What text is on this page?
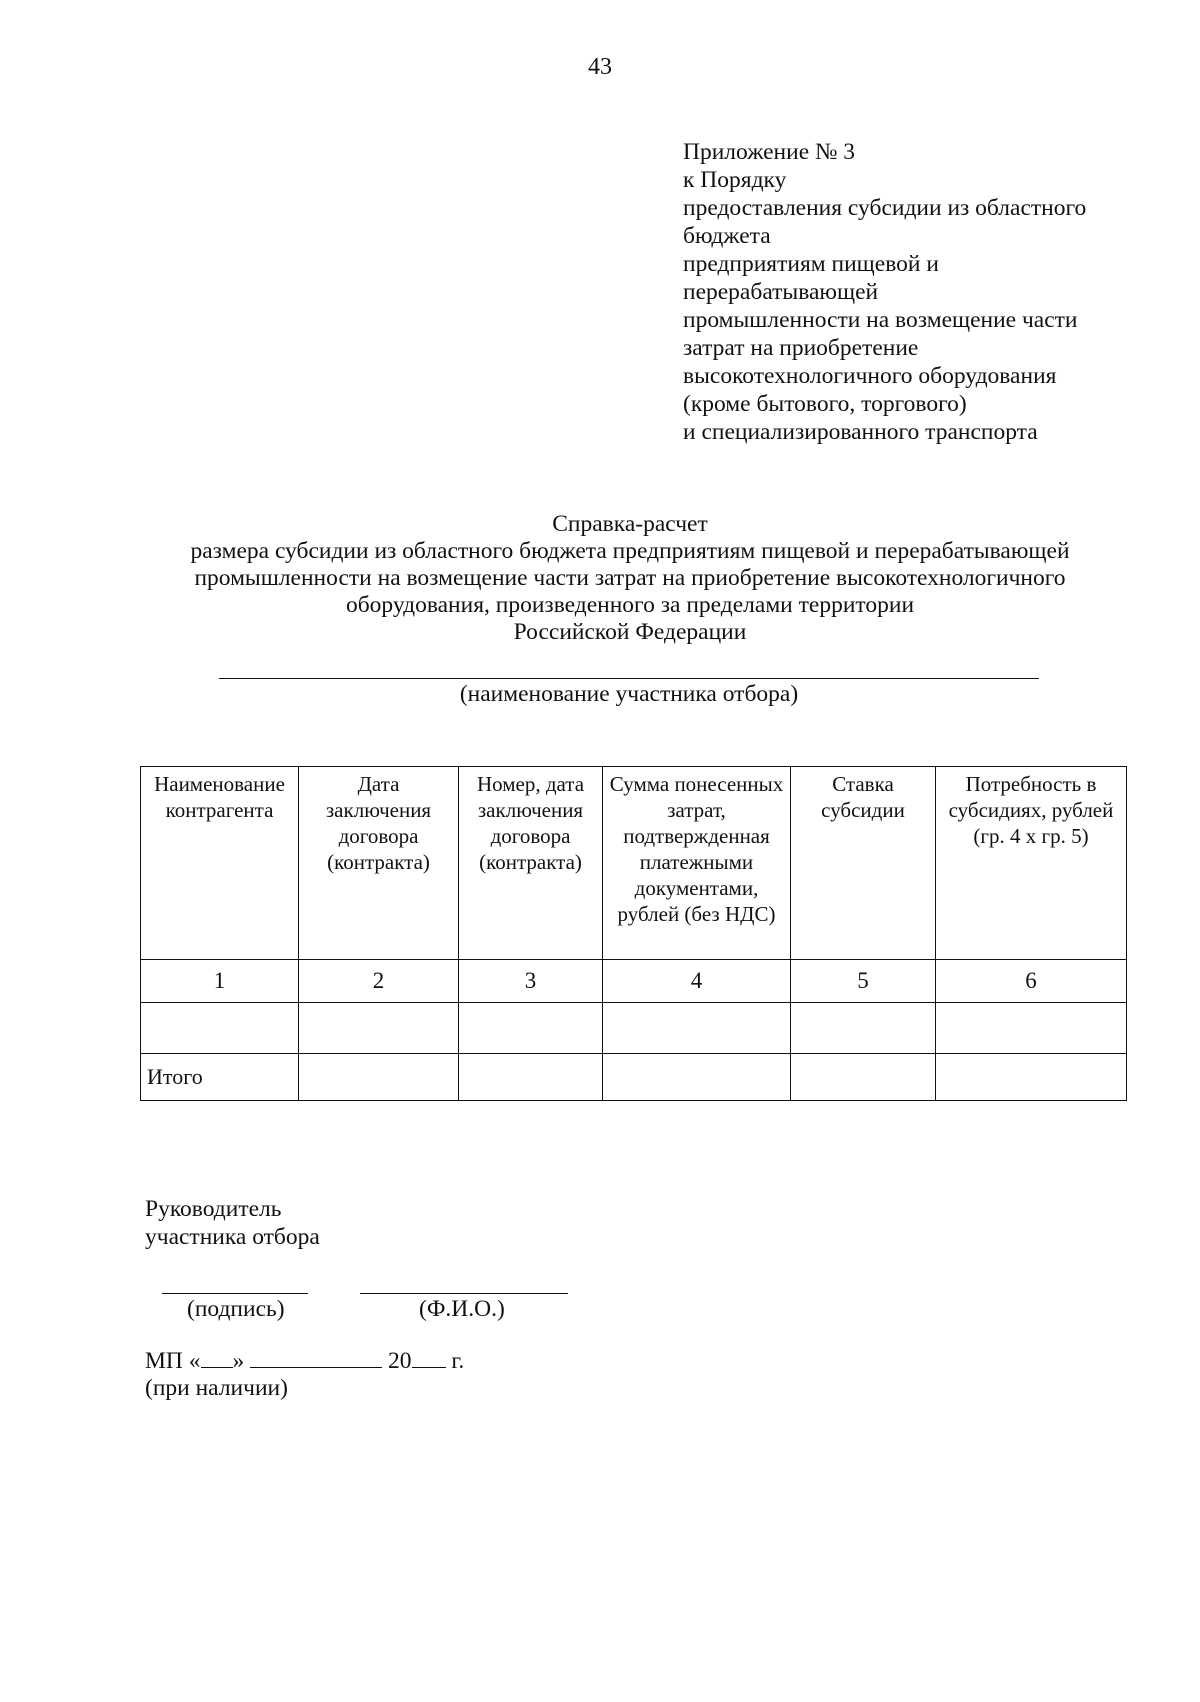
43
Приложение № 3
к Порядку
предоставления субсидии из областного
бюджета
предприятиям пищевой и
перерабатывающей
промышленности на возмещение части
затрат на приобретение
высокотехнологичного оборудования
(кроме бытового, торгового)
и специализированного транспорта
Справка-расчет
размера субсидии из областного бюджета предприятиям пищевой и перерабатывающей
промышленности на возмещение части затрат на приобретение высокотехнологичного
оборудования, произведенного за пределами территории
Российской Федерации
(наименование участника отбора)
Наименование контрагента	Дата заключения договора (контракта)	Номер, дата заключения договора (контракта)	Сумма понесенных затрат, подтвержденная платежными документами, рублей (без НДС)	Ставка субсидии	Потребность в субсидиях, рублей (гр. 4 х гр. 5)
1	2	3	4	5	6

Итого					
Руководитель
участника отбора
(подпись)	(Ф.И.О.)
МП « »	20 г.
(при наличии)
